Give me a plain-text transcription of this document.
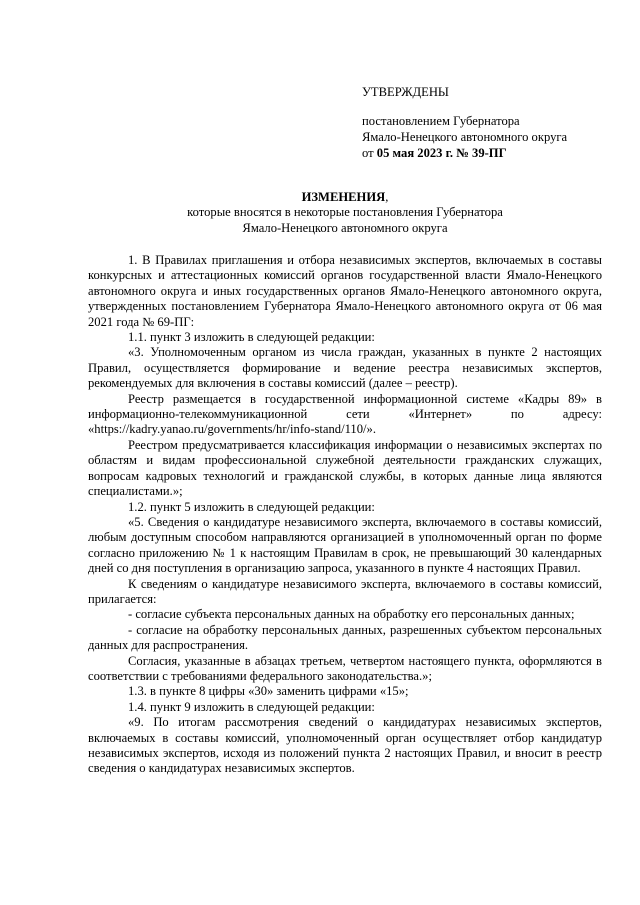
УТВЕРЖДЕНЫ
постановлением Губернатора
Ямало-Ненецкого автономного округа
от 05 мая 2023 г. № 39-ПГ
ИЗМЕНЕНИЯ,
которые вносятся в некоторые постановления Губернатора
Ямало-Ненецкого автономного округа

1. В Правилах приглашения и отбора независимых экспертов, включаемых в составы конкурсных и аттестационных комиссий органов государственной власти Ямало-Ненецкого автономного округа и иных государственных органов Ямало-Ненецкого автономного округа, утвержденных постановлением Губернатора Ямало-Ненецкого автономного округа от 06 мая 2021 года № 69-ПГ:

1.1. пункт 3 изложить в следующей редакции:

«3. Уполномоченным органом из числа граждан, указанных в пункте 2 настоящих Правил, осуществляется формирование и ведение реестра независимых экспертов, рекомендуемых для включения в составы комиссий (далее – реестр).

Реестр размещается в государственной информационной системе «Кадры 89» в информационно-телекоммуникационной сети «Интернет» по адресу: «https://kadry.yanao.ru/governments/hr/info-stand/110/».

Реестром предусматривается классификация информации о независимых экспертах по областям и видам профессиональной служебной деятельности гражданских служащих, вопросам кадровых технологий и гражданской службы, в которых данные лица являются специалистами.»;

1.2. пункт 5 изложить в следующей редакции:

«5. Сведения о кандидатуре независимого эксперта, включаемого в составы комиссий, любым доступным способом направляются организацией в уполномоченный орган по форме согласно приложению № 1 к настоящим Правилам в срок, не превышающий 30 календарных дней со дня поступления в организацию запроса, указанного в пункте 4 настоящих Правил.

К сведениям о кандидатуре независимого эксперта, включаемого в составы комиссий, прилагается:

- согласие субъекта персональных данных на обработку его персональных данных;

- согласие на обработку персональных данных, разрешенных субъектом персональных данных для распространения.

Согласия, указанные в абзацах третьем, четвертом настоящего пункта, оформляются в соответствии с требованиями федерального законодательства.»;

1.3. в пункте 8 цифры «30» заменить цифрами «15»;

1.4. пункт 9 изложить в следующей редакции:

«9. По итогам рассмотрения сведений о кандидатурах независимых экспертов, включаемых в составы комиссий, уполномоченный орган осуществляет отбор кандидатур независимых экспертов, исходя из положений пункта 2 настоящих Правил, и вносит в реестр сведения о кандидатурах независимых экспертов.
